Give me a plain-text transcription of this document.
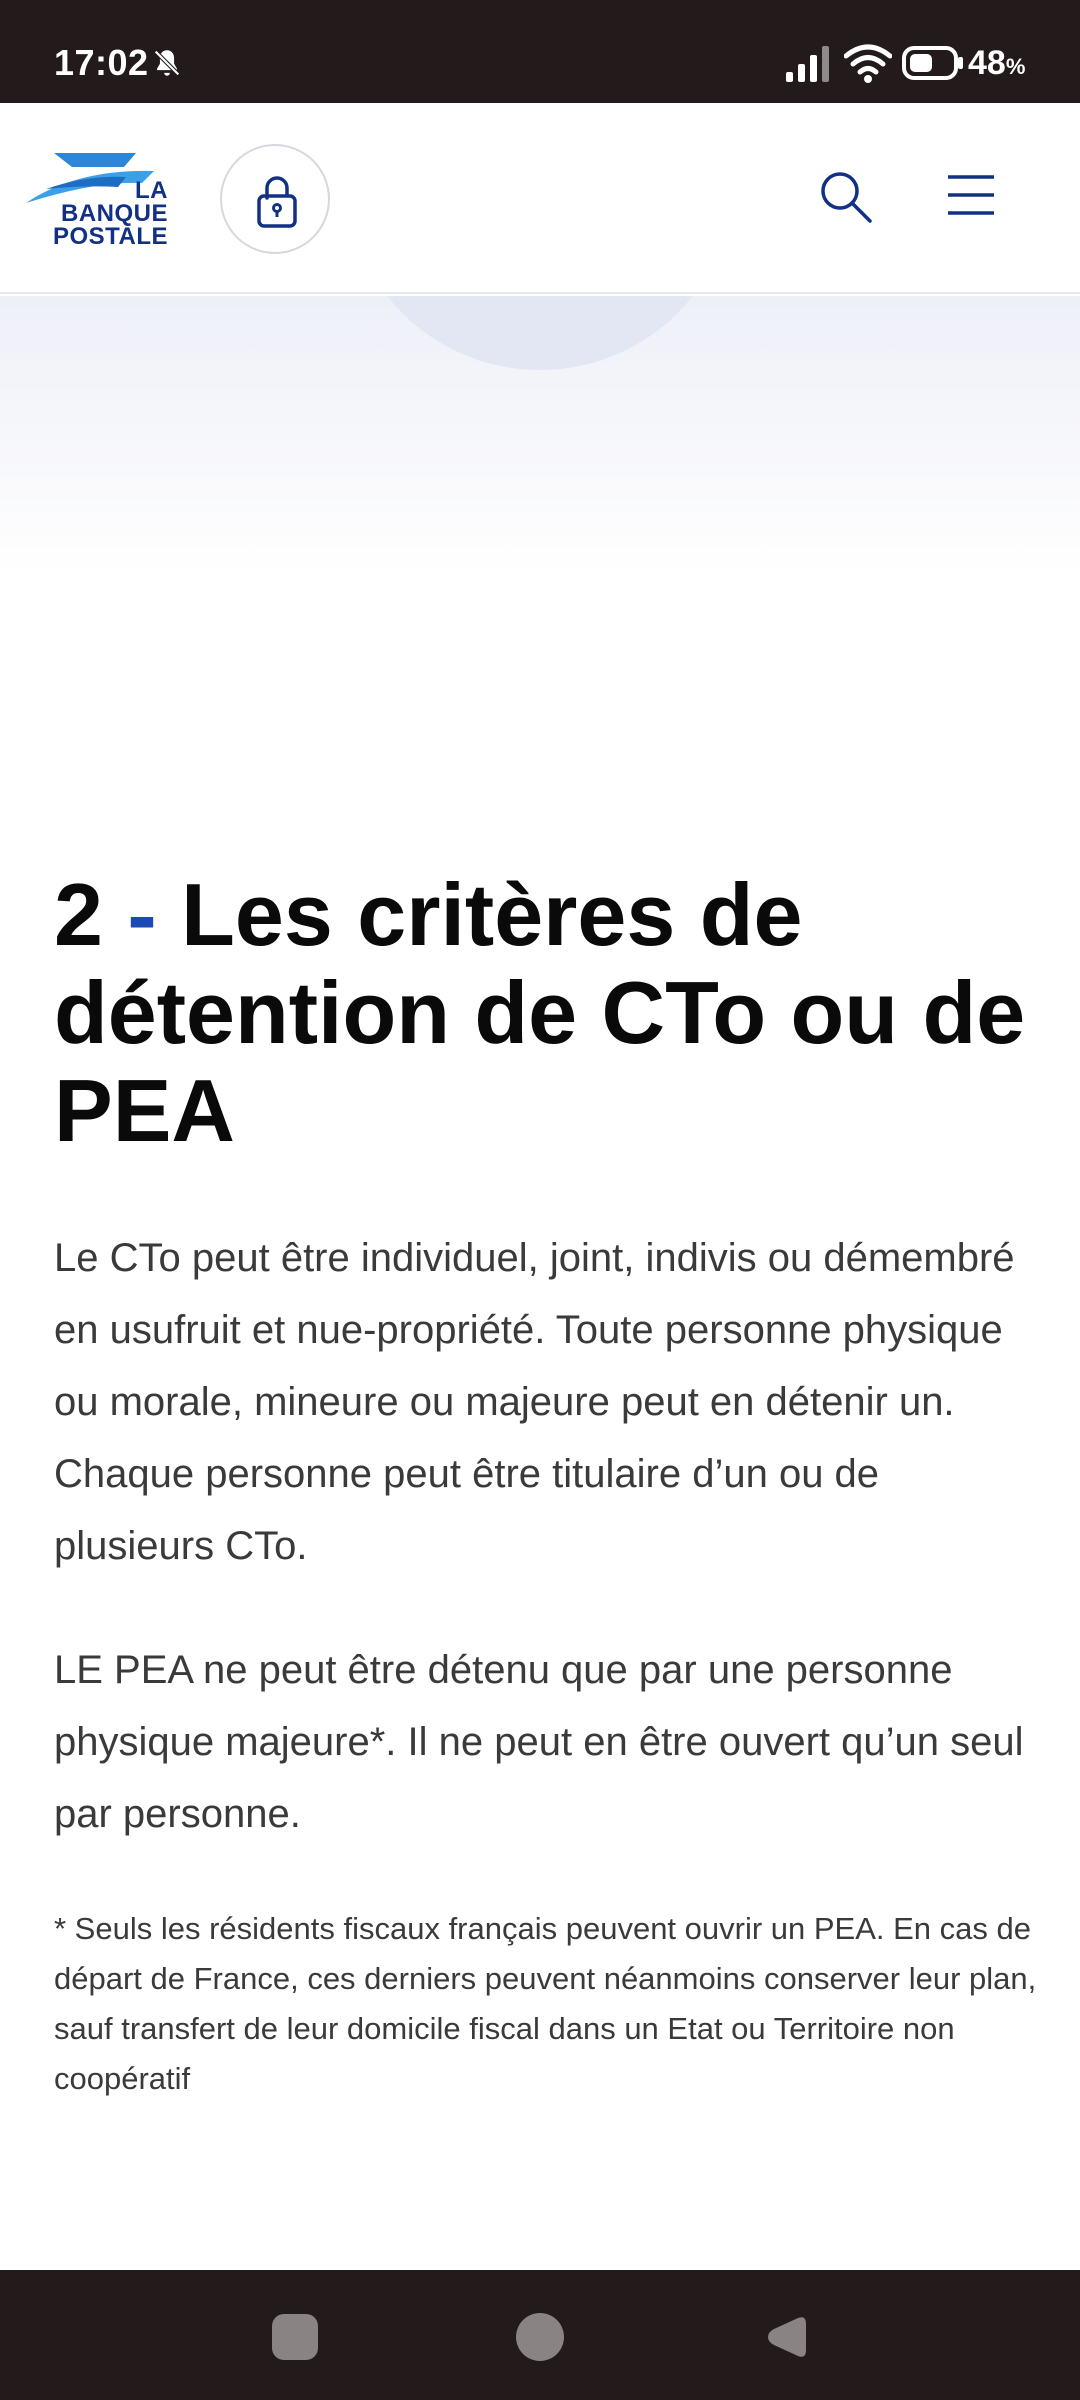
17:02	48%
LA
BANQUE
POSTALE
2 - Les critères de détention de CTo ou de PEA

Le CTo peut être individuel, joint, indivis ou démembré en usufruit et nue-propriété. Toute personne physique ou morale, mineure ou majeure peut en détenir un. Chaque personne peut être titulaire d’un ou de plusieurs CTo.

LE PEA ne peut être détenu que par une personne physique majeure*. Il ne peut en être ouvert qu’un seul par personne.

* Seuls les résidents fiscaux français peuvent ouvrir un PEA. En cas de départ de France, ces derniers peuvent néanmoins conserver leur plan, sauf transfert de leur domicile fiscal dans un Etat ou Territoire non coopératif
